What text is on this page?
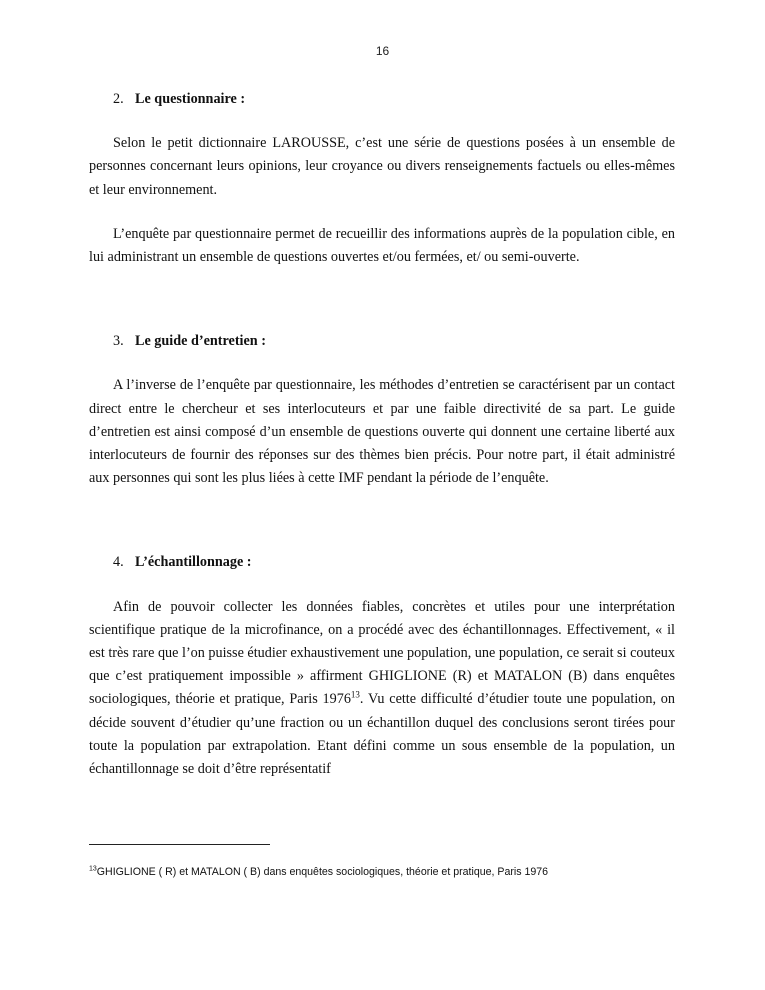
16

2. Le questionnaire :

Selon le petit dictionnaire LAROUSSE, c’est une série de questions posées à un ensemble de personnes concernant leurs opinions, leur croyance ou divers renseignements factuels ou elles-mêmes et leur environnement.

L’enquête par questionnaire permet de recueillir des informations auprès de la population cible, en lui administrant un ensemble de questions ouvertes et/ou fermées, et/ ou semi-ouverte.

3. Le guide d’entretien :

A l’inverse de l’enquête par questionnaire, les méthodes d’entretien se caractérisent par un contact direct entre le chercheur et ses interlocuteurs et par une faible directivité de sa part. Le guide d’entretien est ainsi composé d’un ensemble de questions ouverte qui donnent une certaine liberté aux interlocuteurs de fournir des réponses sur des thèmes bien précis. Pour notre part, il était administré aux personnes qui sont les plus liées à cette IMF pendant la période de l’enquête.

4. L’échantillonnage :

Afin de pouvoir collecter les données fiables, concrètes et utiles pour une interprétation scientifique pratique de la microfinance, on a procédé avec des échantillonnages. Effectivement, « il est très rare que l’on puisse étudier exhaustivement une population, une population, ce serait si couteux que c’est pratiquement impossible » affirment GHIGLIONE (R) et MATALON (B) dans enquêtes sociologiques, théorie et pratique, Paris 1976$^{13}$. Vu cette difficulté d’étudier toute une population, on décide souvent d’étudier qu’une fraction ou un échantillon duquel des conclusions seront tirées pour toute la population par extrapolation. Etant défini comme un sous ensemble de la population, un échantillonnage se doit d’être représentatif

$^{13}$GHIGLIONE ( R) et MATALON ( B) dans enquêtes sociologiques, théorie et pratique, Paris 1976
